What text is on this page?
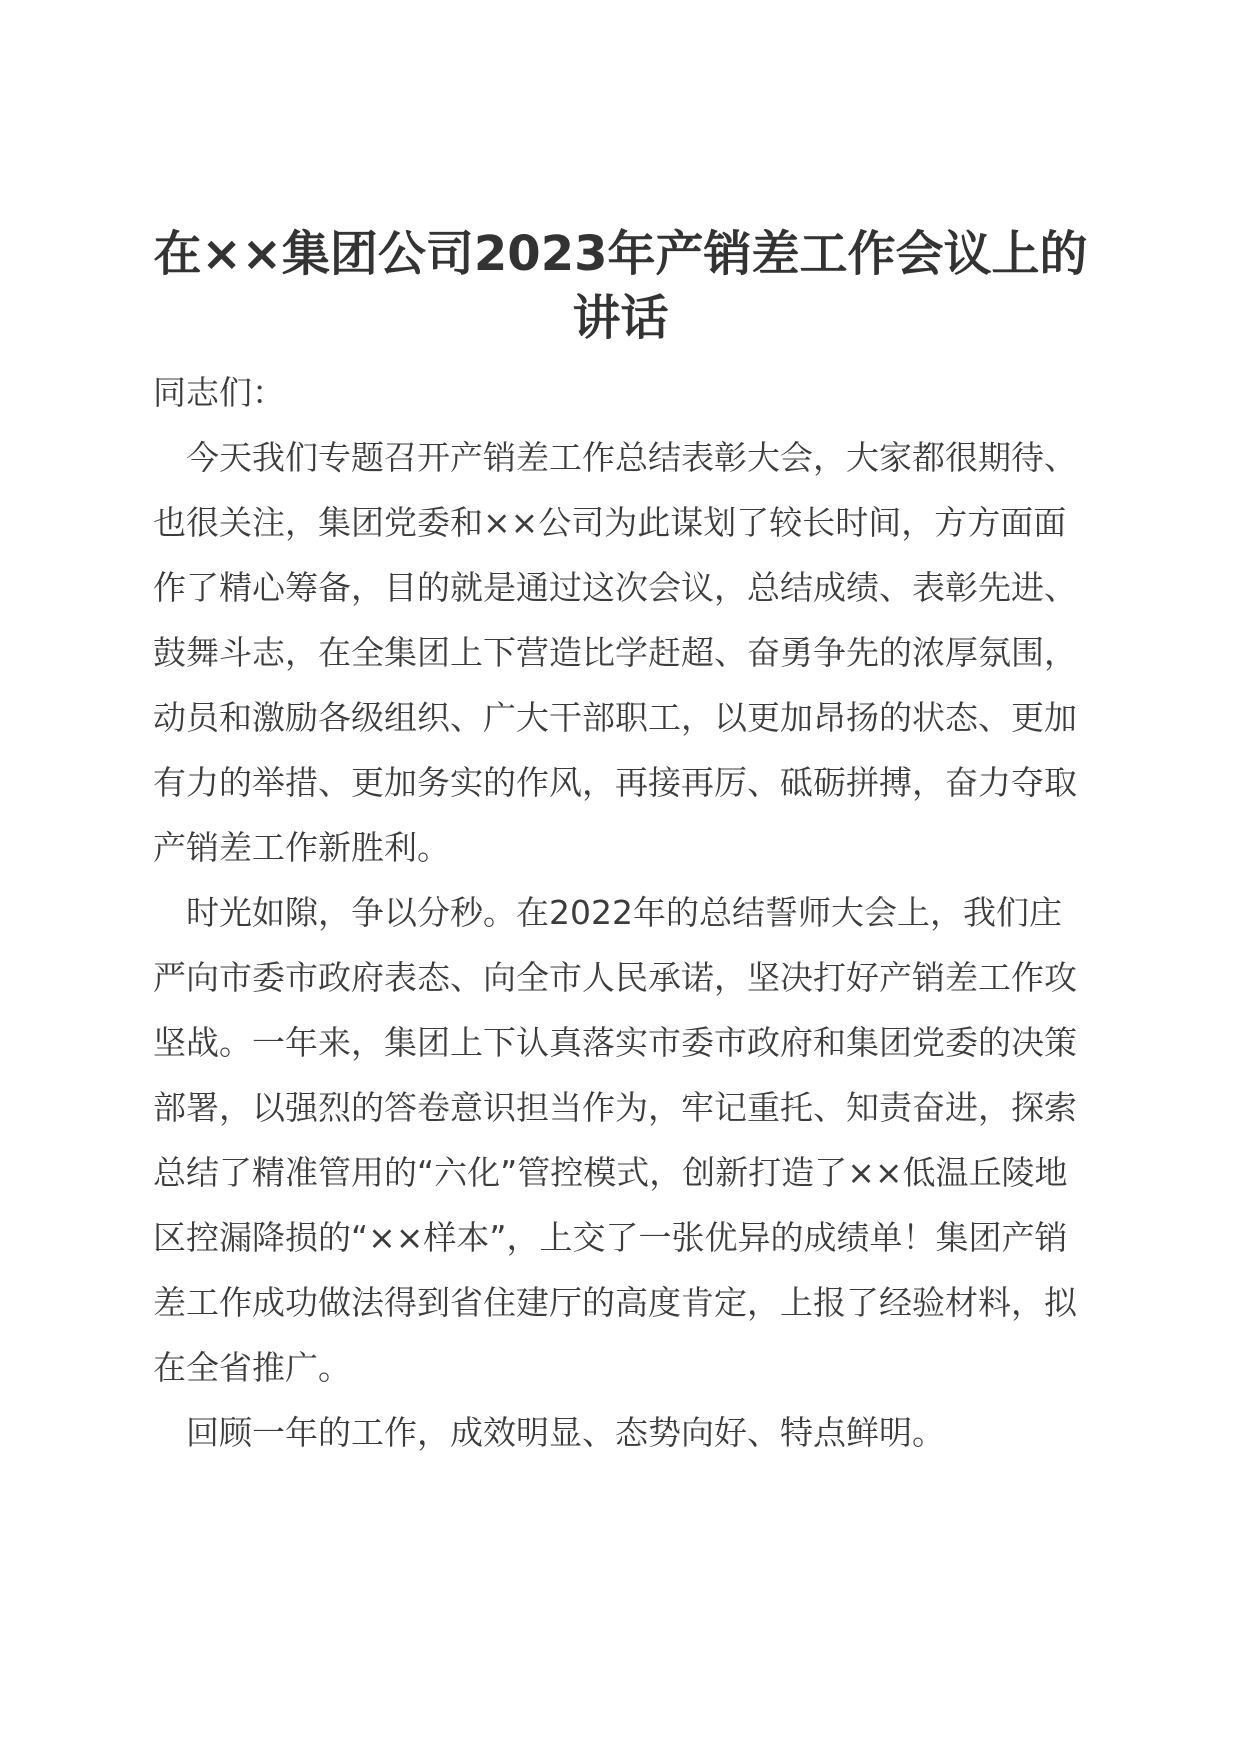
在××集团公司2023年产销差工作会议上的讲话

同志们：

今天我们专题召开产销差工作总结表彰大会，大家都很期待、也很关注，集团党委和××公司为此谋划了较长时间，方方面面作了精心筹备，目的就是通过这次会议，总结成绩、表彰先进、鼓舞斗志，在全集团上下营造比学赶超、奋勇争先的浓厚氛围，动员和激励各级组织、广大干部职工，以更加昂扬的状态、更加有力的举措、更加务实的作风，再接再厉、砥砺拼搏，奋力夺取产销差工作新胜利。

时光如隙，争以分秒。在2022年的总结誓师大会上，我们庄严向市委市政府表态、向全市人民承诺，坚决打好产销差工作攻坚战。一年来，集团上下认真落实市委市政府和集团党委的决策部署，以强烈的答卷意识担当作为，牢记重托、知责奋进，探索总结了精准管用的“六化”管控模式，创新打造了××低温丘陵地区控漏降损的“××样本”，上交了一张优异的成绩单！集团产销差工作成功做法得到省住建厅的高度肯定，上报了经验材料，拟在全省推广。

回顾一年的工作，成效明显、态势向好、特点鲜明。
